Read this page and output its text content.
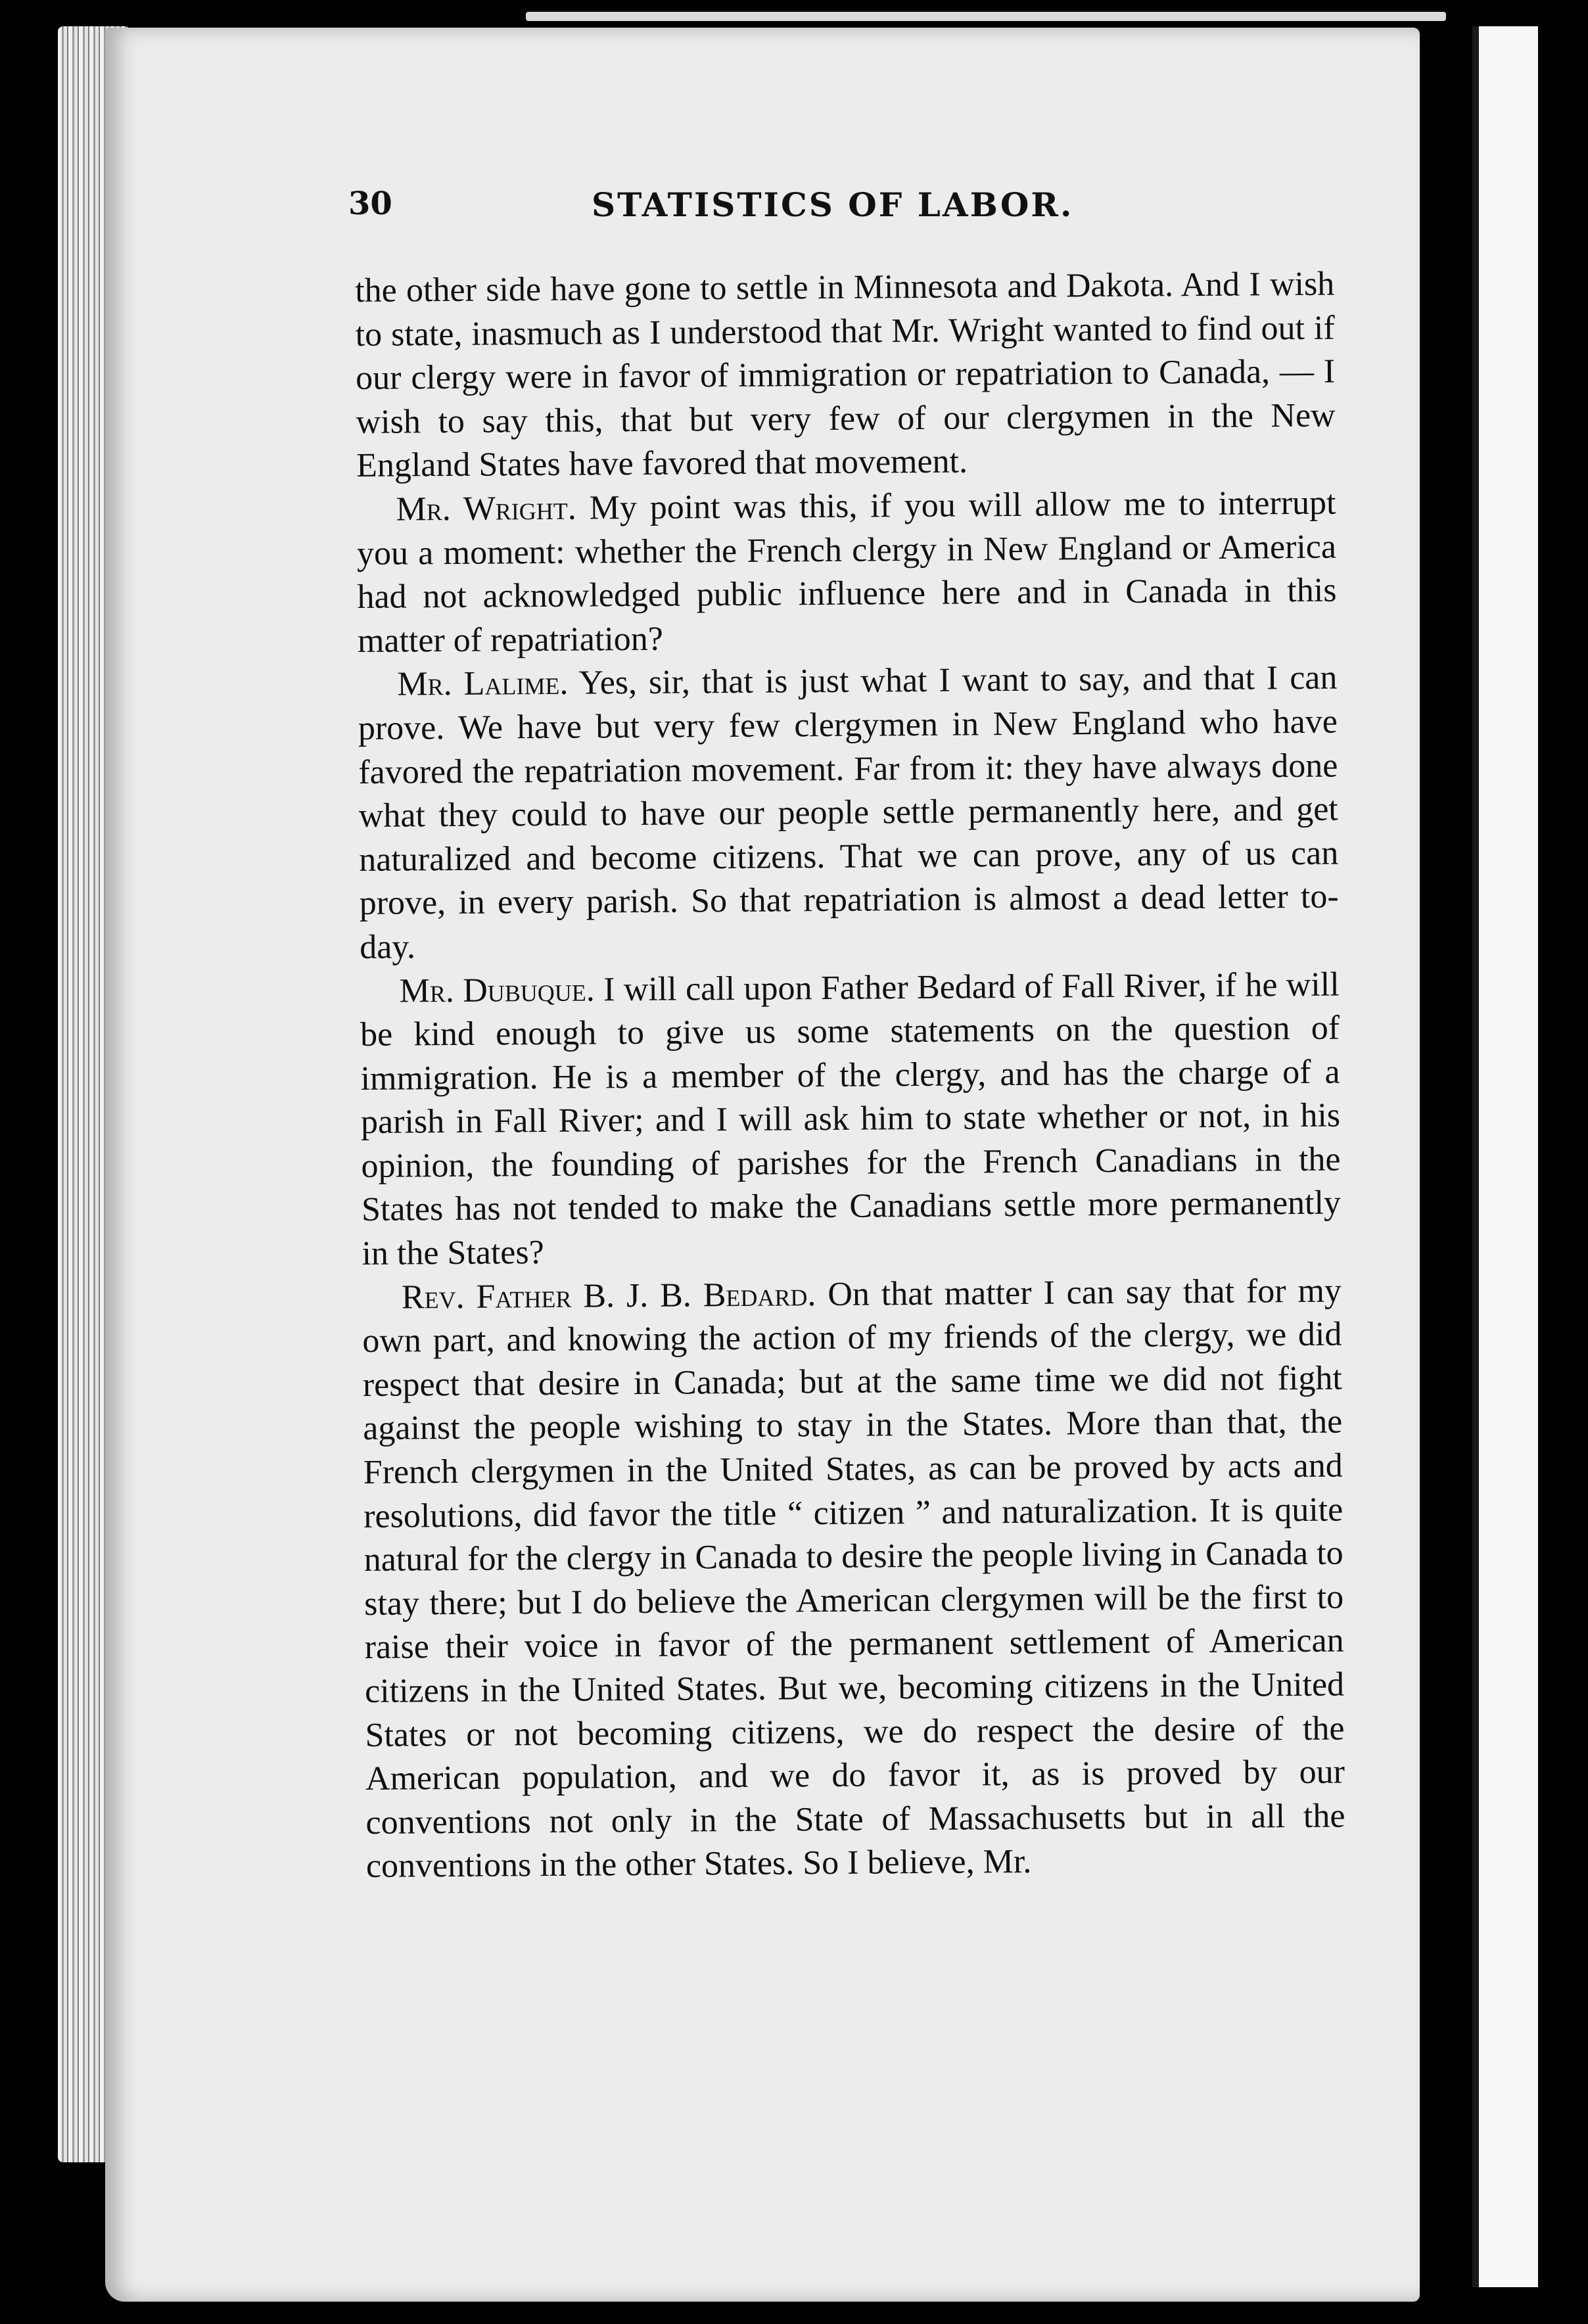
30	STATISTICS OF LABOR.

the other side have gone to settle in Minnesota and Dakota. And I wish to state, inasmuch as I understood that Mr. Wright wanted to find out if our clergy were in favor of immigration or repatriation to Canada, — I wish to say this, that but very few of our clergymen in the New England States have favored that movement.

Mr. Wright. My point was this, if you will allow me to interrupt you a moment: whether the French clergy in New England or America had not acknowledged public influence here and in Canada in this matter of repatriation?

Mr. Lalime. Yes, sir, that is just what I want to say, and that I can prove. We have but very few clergymen in New England who have favored the repatriation movement. Far from it: they have always done what they could to have our people settle permanently here, and get naturalized and become citizens. That we can prove, any of us can prove, in every parish. So that repatriation is almost a dead letter to-day.

Mr. Dubuque. I will call upon Father Bedard of Fall River, if he will be kind enough to give us some statements on the question of immigration. He is a member of the clergy, and has the charge of a parish in Fall River; and I will ask him to state whether or not, in his opinion, the founding of parishes for the French Canadians in the States has not tended to make the Canadians settle more permanently in the States?

Rev. Father B. J. B. Bedard. On that matter I can say that for my own part, and knowing the action of my friends of the clergy, we did respect that desire in Canada; but at the same time we did not fight against the people wishing to stay in the States. More than that, the French clergymen in the United States, as can be proved by acts and resolutions, did favor the title “ citizen ” and naturalization. It is quite natural for the clergy in Canada to desire the people living in Canada to stay there; but I do believe the American clergymen will be the first to raise their voice in favor of the permanent settlement of American citizens in the United States. But we, becoming citizens in the United States or not becoming citizens, we do respect the desire of the American population, and we do favor it, as is proved by our conventions not only in the State of Massachusetts but in all the conventions in the other States. So I believe, Mr.
